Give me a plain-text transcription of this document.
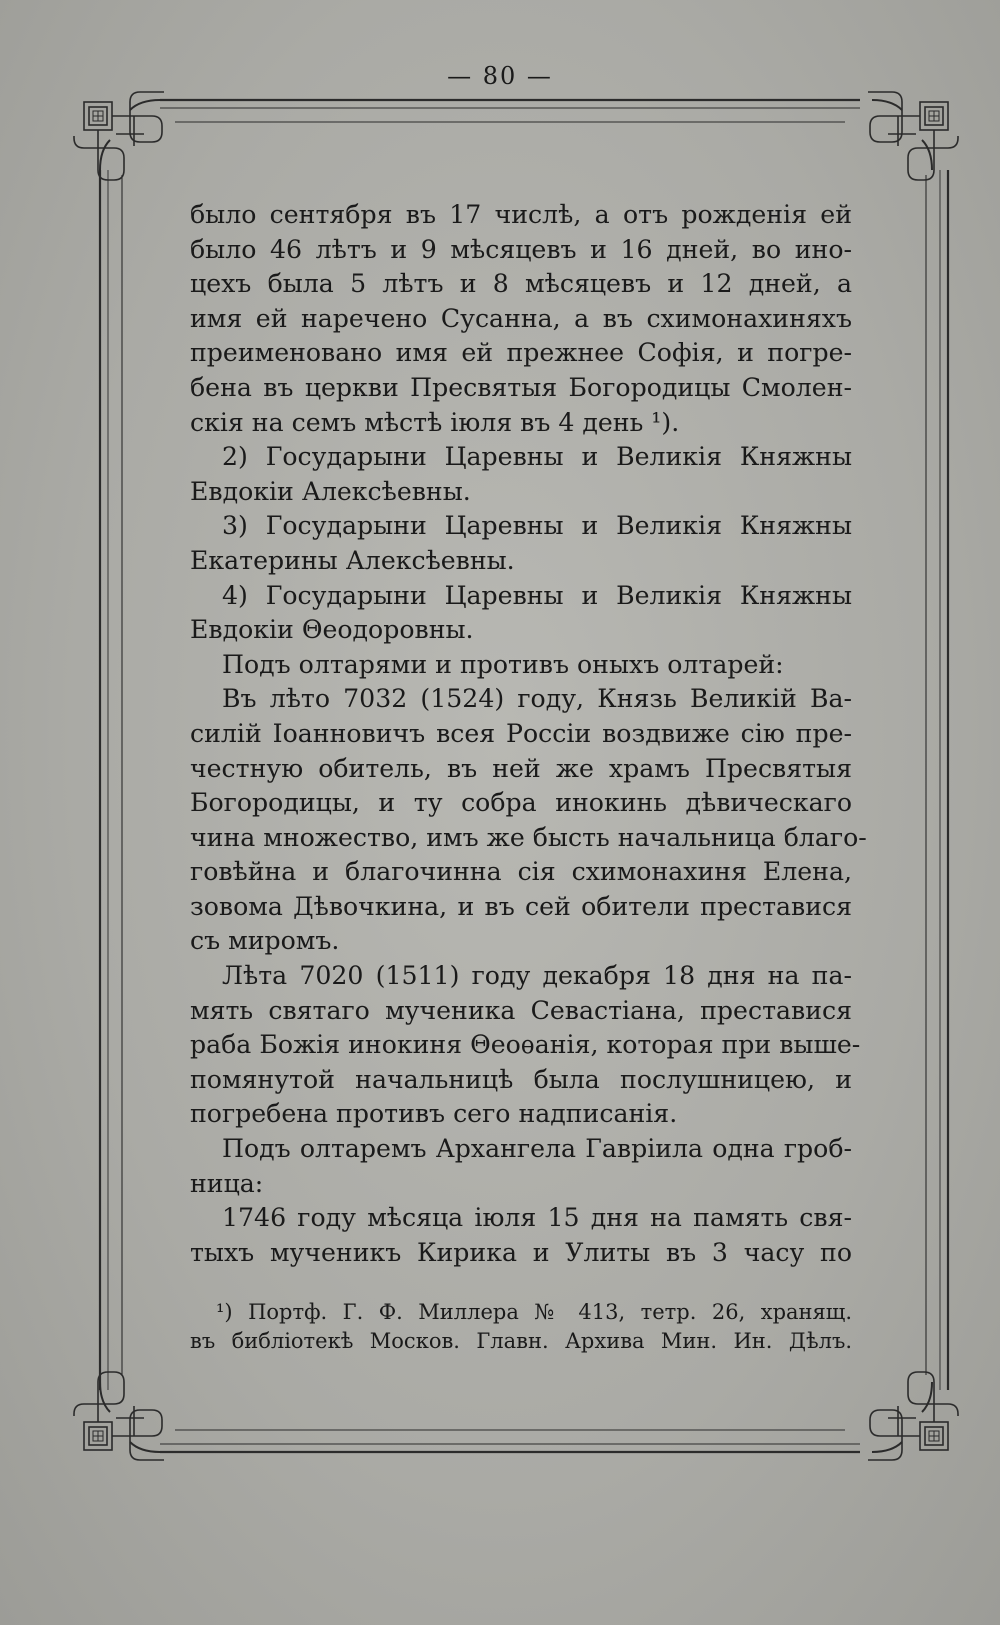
— 80 —
было сентября въ 17 числѣ, а отъ рожденія ей
было 46 лѣтъ и 9 мѣсяцевъ и 16 дней, во ино-
цехъ была 5 лѣтъ и 8 мѣсяцевъ и 12 дней, а
имя ей наречено Сусанна, а въ схимонахиняхъ
преименовано имя ей прежнее Софія, и погре-
бена въ церкви Пресвятыя Богородицы Смолен-
скія на семъ мѣстѣ іюля въ 4 день ¹).
2) Государыни Царевны и Великія Княжны
Евдокіи Алексѣевны.
3) Государыни Царевны и Великія Княжны
Екатерины Алексѣевны.
4) Государыни Царевны и Великія Княжны
Евдокіи Θеодоровны.
Подъ олтарями и противъ оныхъ олтарей:
Въ лѣто 7032 (1524) году, Князь Великій Ва-
силій Іоанновичъ всея Россіи воздвиже сію пре-
честную обитель, въ ней же храмъ Пресвятыя
Богородицы, и ту собра инокинь дѣвическаго
чина множество, имъ же бысть начальница благо-
говѣйна и благочинна сія схимонахиня Елена,
зовома Дѣвочкина, и въ сей обители преставися
съ миромъ.
Лѣта 7020 (1511) году декабря 18 дня на па-
мять святаго мученика Севастіана, преставися
раба Божія инокиня Θеоѳанія, которая при выше-
помянутой начальницѣ была послушницею, и
погребена противъ сего надписанія.
Подъ олтаремъ Архангела Гавріила одна гроб-
ница:
1746 году мѣсяца іюля 15 дня на память свя-
тыхъ мученикъ Кирика и Улиты въ 3 часу по
¹) Портф. Г. Ф. Миллера № 413, тетр. 26, хранящ.
въ библіотекѣ Москов. Главн. Архива Мин. Ин. Дѣлъ.
